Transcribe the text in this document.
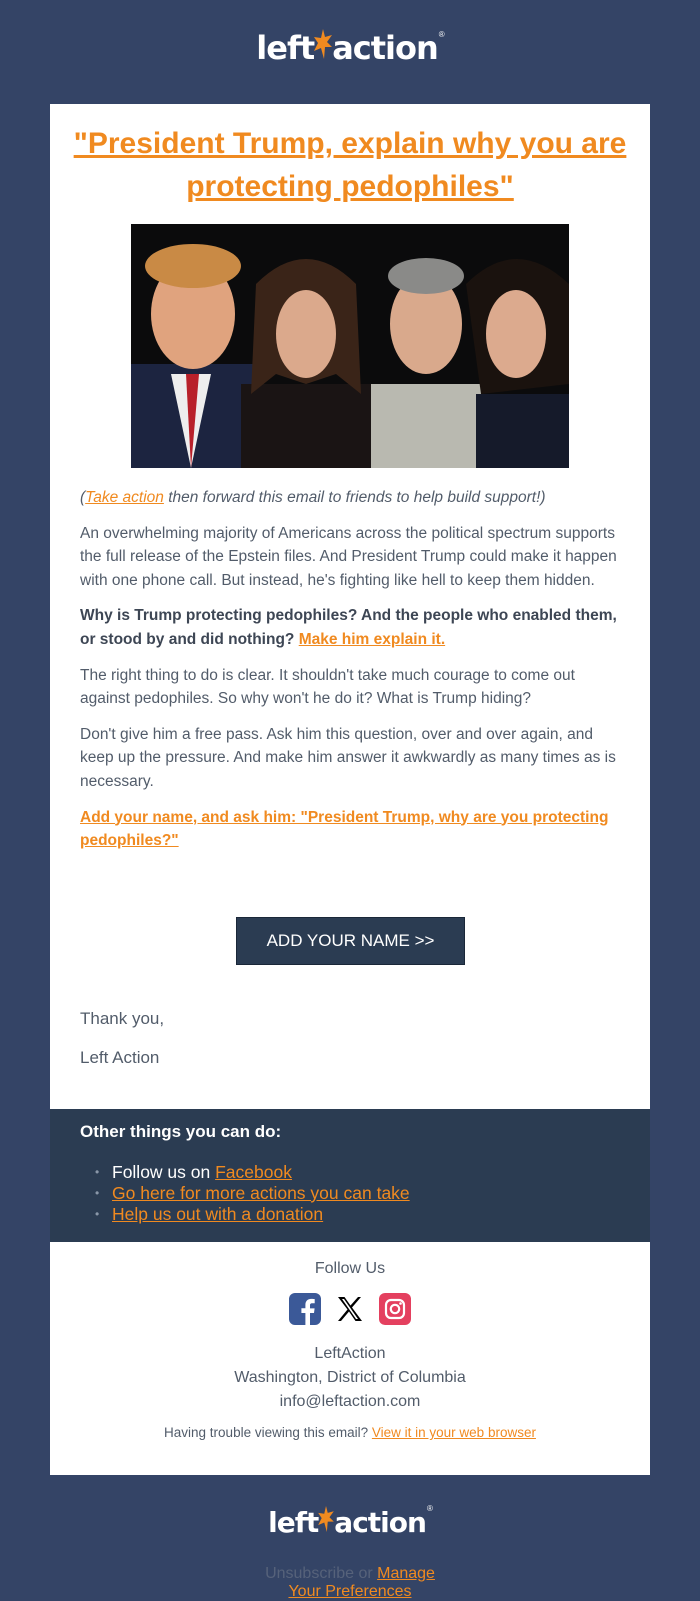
left action ®
"President Trump, explain why you are protecting pedophiles"

(Take action then forward this email to friends to help build support!)

An overwhelming majority of Americans across the political spectrum supports the full release of the Epstein files. And President Trump could make it happen with one phone call. But instead, he's fighting like hell to keep them hidden.

Why is Trump protecting pedophiles? And the people who enabled them, or stood by and did nothing? Make him explain it.

The right thing to do is clear. It shouldn't take much courage to come out against pedophiles. So why won't he do it? What is Trump hiding?

Don't give him a free pass. Ask him this question, over and over again, and keep up the pressure. And make him answer it awkwardly as many times as is necessary.

Add your name, and ask him: "President Trump, why are you protecting pedophiles?"

ADD YOUR NAME >>

Thank you,

Left Action

Other things you can do:
• Follow us on Facebook
• Go here for more actions you can take
• Help us out with a donation
Follow Us
LeftAction
Washington, District of Columbia
info@leftaction.com
Having trouble viewing this email? View it in your web browser
left action ®
Unsubscribe or Manage
Your Preferences
